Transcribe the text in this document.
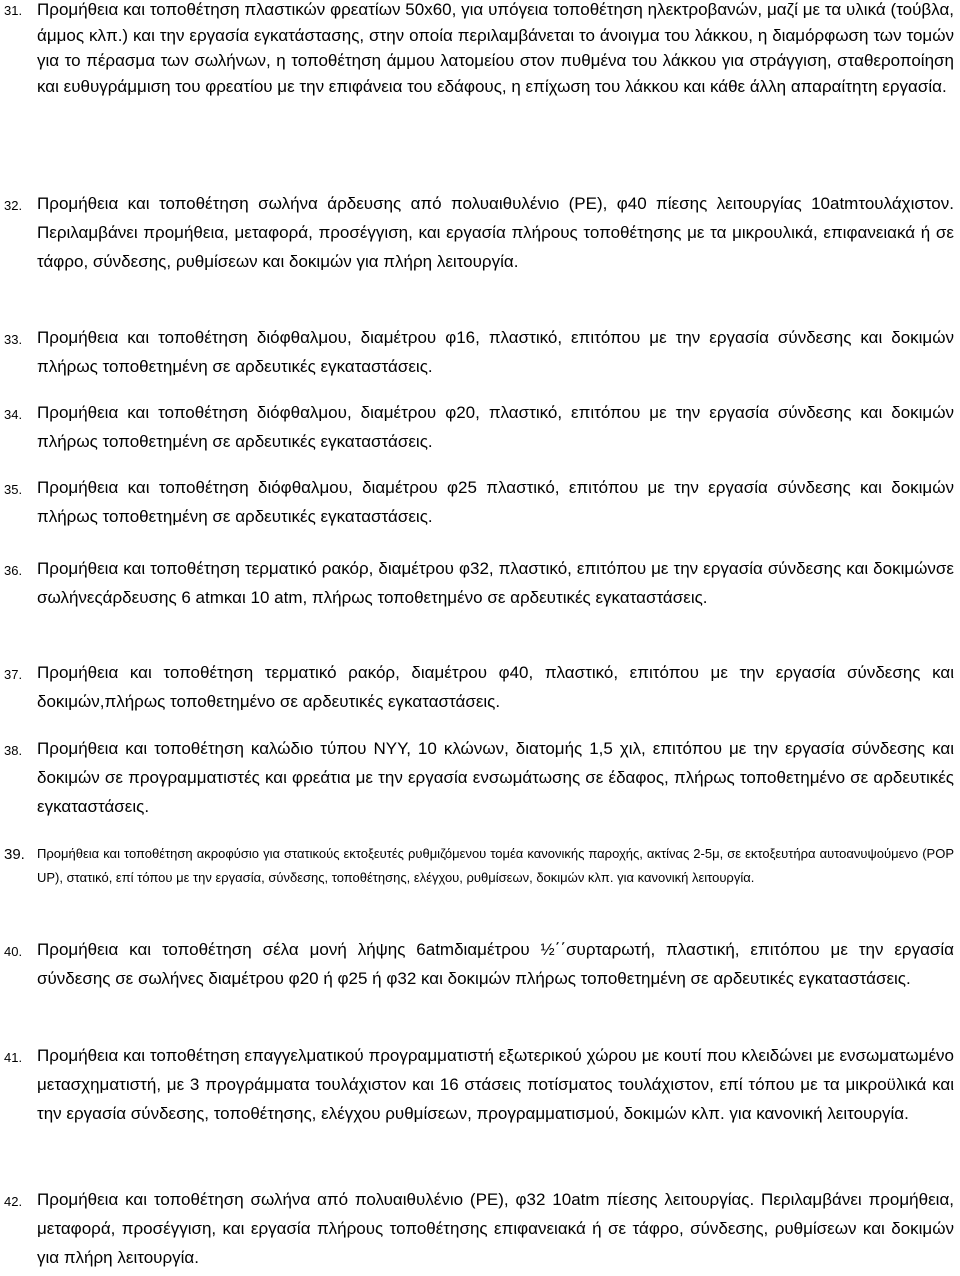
31. Προμήθεια και τοποθέτηση πλαστικών φρεατίων 50x60, για υπόγεια τοποθέτηση ηλεκτροβανών, μαζί με τα υλικά (τούβλα, άμμος κλπ.) και την εργασία εγκατάστασης, στην οποία περιλαμβάνεται το άνοιγμα του λάκκου, η διαμόρφωση των τομών για το πέρασμα των σωλήνων, η τοποθέτηση άμμου λατομείου στον πυθμένα του λάκκου για στράγγιση, σταθεροποίηση και ευθυγράμμιση του φρεατίου με την επιφάνεια του εδάφους, η επίχωση του λάκκου και κάθε άλλη απαραίτητη εργασία.
32. Προμήθεια και τοποθέτηση σωλήνα άρδευσης από πολυαιθυλένιο (PE), φ40 πίεσης λειτουργίας 10atmτουλάχιστον. Περιλαμβάνει προμήθεια, μεταφορά, προσέγγιση, και εργασία πλήρους τοποθέτησης με τα μικρουλικά, επιφανειακά ή σε τάφρο, σύνδεσης, ρυθμίσεων και δοκιμών για πλήρη λειτουργία.
33. Προμήθεια και τοποθέτηση διόφθαλμου, διαμέτρου φ16, πλαστικό, επιτόπου με την εργασία σύνδεσης και δοκιμών πλήρως τοποθετημένη σε αρδευτικές εγκαταστάσεις.
34. Προμήθεια και τοποθέτηση διόφθαλμου, διαμέτρου φ20, πλαστικό, επιτόπου με την εργασία σύνδεσης και δοκιμών πλήρως τοποθετημένη σε αρδευτικές εγκαταστάσεις.
35. Προμήθεια και τοποθέτηση διόφθαλμου, διαμέτρου φ25 πλαστικό, επιτόπου με την εργασία σύνδεσης και δοκιμών πλήρως τοποθετημένη σε αρδευτικές εγκαταστάσεις.
36. Προμήθεια και τοποθέτηση τερματικό ρακόρ, διαμέτρου φ32, πλαστικό, επιτόπου με την εργασία σύνδεσης και δοκιμώνσε σωλήνεςάρδευσης 6 atmκαι 10 atm, πλήρως τοποθετημένο σε αρδευτικές εγκαταστάσεις.
37. Προμήθεια και τοποθέτηση τερματικό ρακόρ, διαμέτρου φ40, πλαστικό, επιτόπου με την εργασία σύνδεσης και δοκιμών,πλήρως τοποθετημένο σε αρδευτικές εγκαταστάσεις.
38. Προμήθεια και τοποθέτηση καλώδιο τύπου NYY, 10 κλώνων, διατομής 1,5 χιλ, επιτόπου με την εργασία σύνδεσης και δοκιμών σε προγραμματιστές και φρεάτια με την εργασία ενσωμάτωσης σε έδαφος, πλήρως τοποθετημένο σε αρδευτικές εγκαταστάσεις.
39. Προμήθεια και τοποθέτηση ακροφύσιο για στατικούς εκτοξευτές ρυθμιζόμενου τομέα κανονικής παροχής, ακτίνας 2-5μ, σε εκτοξευτήρα αυτοανυψούμενο (POP UP), στατικό, επί τόπου με την εργασία, σύνδεσης, τοποθέτησης, ελέγχου, ρυθμίσεων, δοκιμών κλπ. για κανονική λειτουργία.
40. Προμήθεια και τοποθέτηση σέλα μονή λήψης 6atmδιαμέτρου ½΄΄συρταρωτή, πλαστική, επιτόπου με την εργασία σύνδεσης σε σωλήνες διαμέτρου φ20 ή φ25 ή φ32 και δοκιμών πλήρως τοποθετημένη σε αρδευτικές εγκαταστάσεις.
41. Προμήθεια και τοποθέτηση επαγγελματικού προγραμματιστή εξωτερικού χώρου με κουτί που κλειδώνει με ενσωματωμένο μετασχηματιστή, με 3 προγράμματα τουλάχιστον και 16 στάσεις ποτίσματος τουλάχιστον, επί τόπου με τα μικροϋλικά και την εργασία σύνδεσης, τοποθέτησης, ελέγχου ρυθμίσεων, προγραμματισμού, δοκιμών κλπ. για κανονική λειτουργία.
42. Προμήθεια και τοποθέτηση σωλήνα από πολυαιθυλένιο (PE), φ32 10atm πίεσης λειτουργίας. Περιλαμβάνει προμήθεια, μεταφορά, προσέγγιση, και εργασία πλήρους τοποθέτησης επιφανειακά ή σε τάφρο, σύνδεσης, ρυθμίσεων και δοκιμών για πλήρη λειτουργία.
